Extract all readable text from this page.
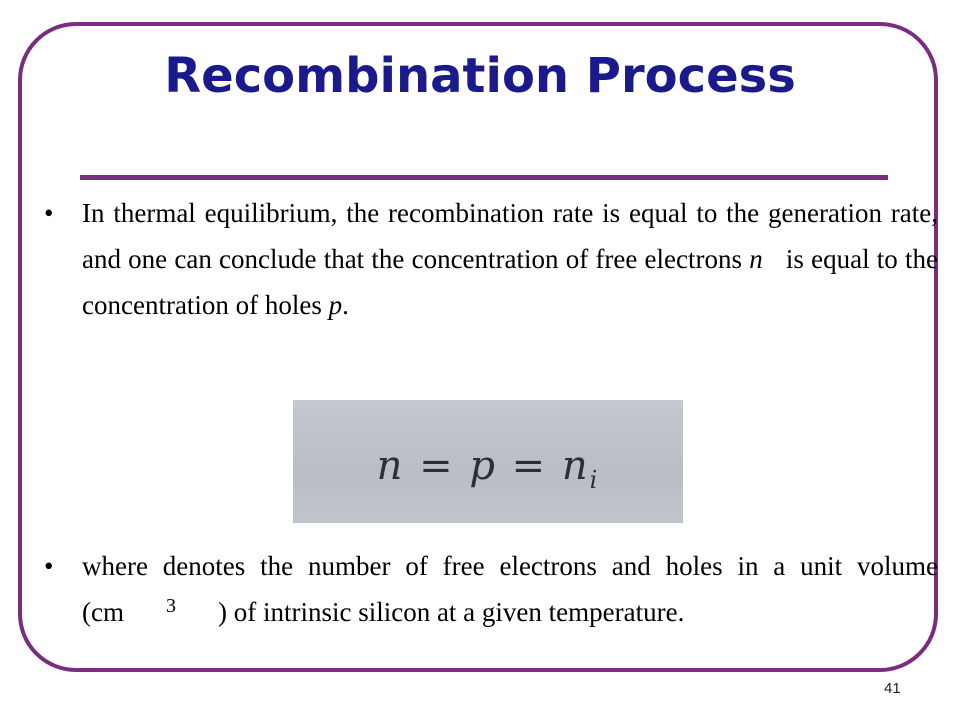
Recombination Process
• In thermal equilibrium, the recombination rate is equal to the generation rate, and one can conclude that the concentration of free electrons n is equal to the concentration of holes p.
$n = p = n_i$
• where denotes the number of free electrons and holes in a unit volume (cm $^3$ ) of intrinsic silicon at a given temperature.
41
